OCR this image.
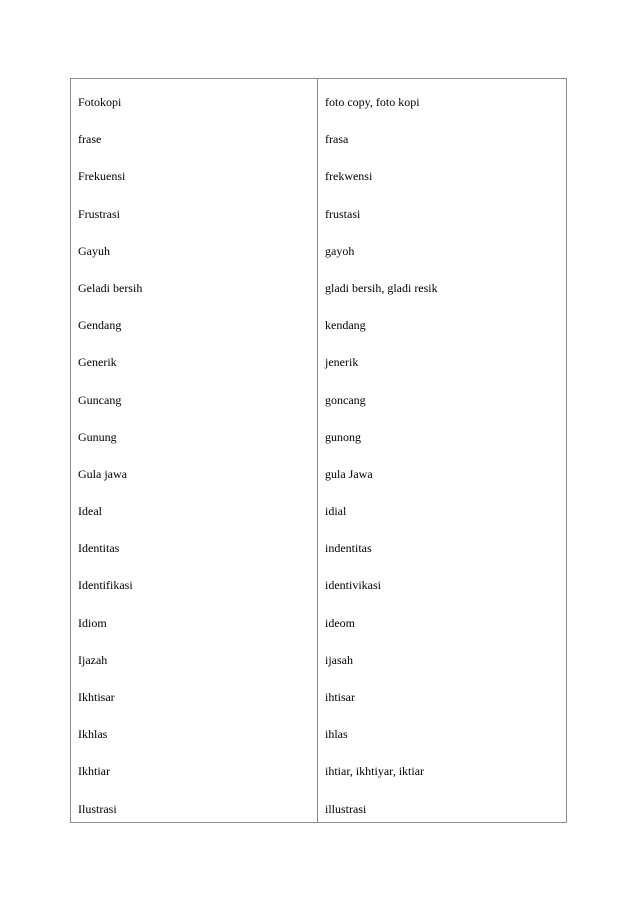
Fotokopi	foto copy, foto kopi
frase	frasa
Frekuensi	frekwensi
Frustrasi	frustasi
Gayuh	gayoh
Geladi bersih	gladi bersih, gladi resik
Gendang	kendang
Generik	jenerik
Guncang	goncang
Gunung	gunong
Gula jawa	gula Jawa
Ideal	idial
Identitas	indentitas
Identifikasi	identivikasi
Idiom	ideom
Ijazah	ijasah
Ikhtisar	ihtisar
Ikhlas	ihlas
Ikhtiar	ihtiar, ikhtiyar, iktiar
Ilustrasi	illustrasi
